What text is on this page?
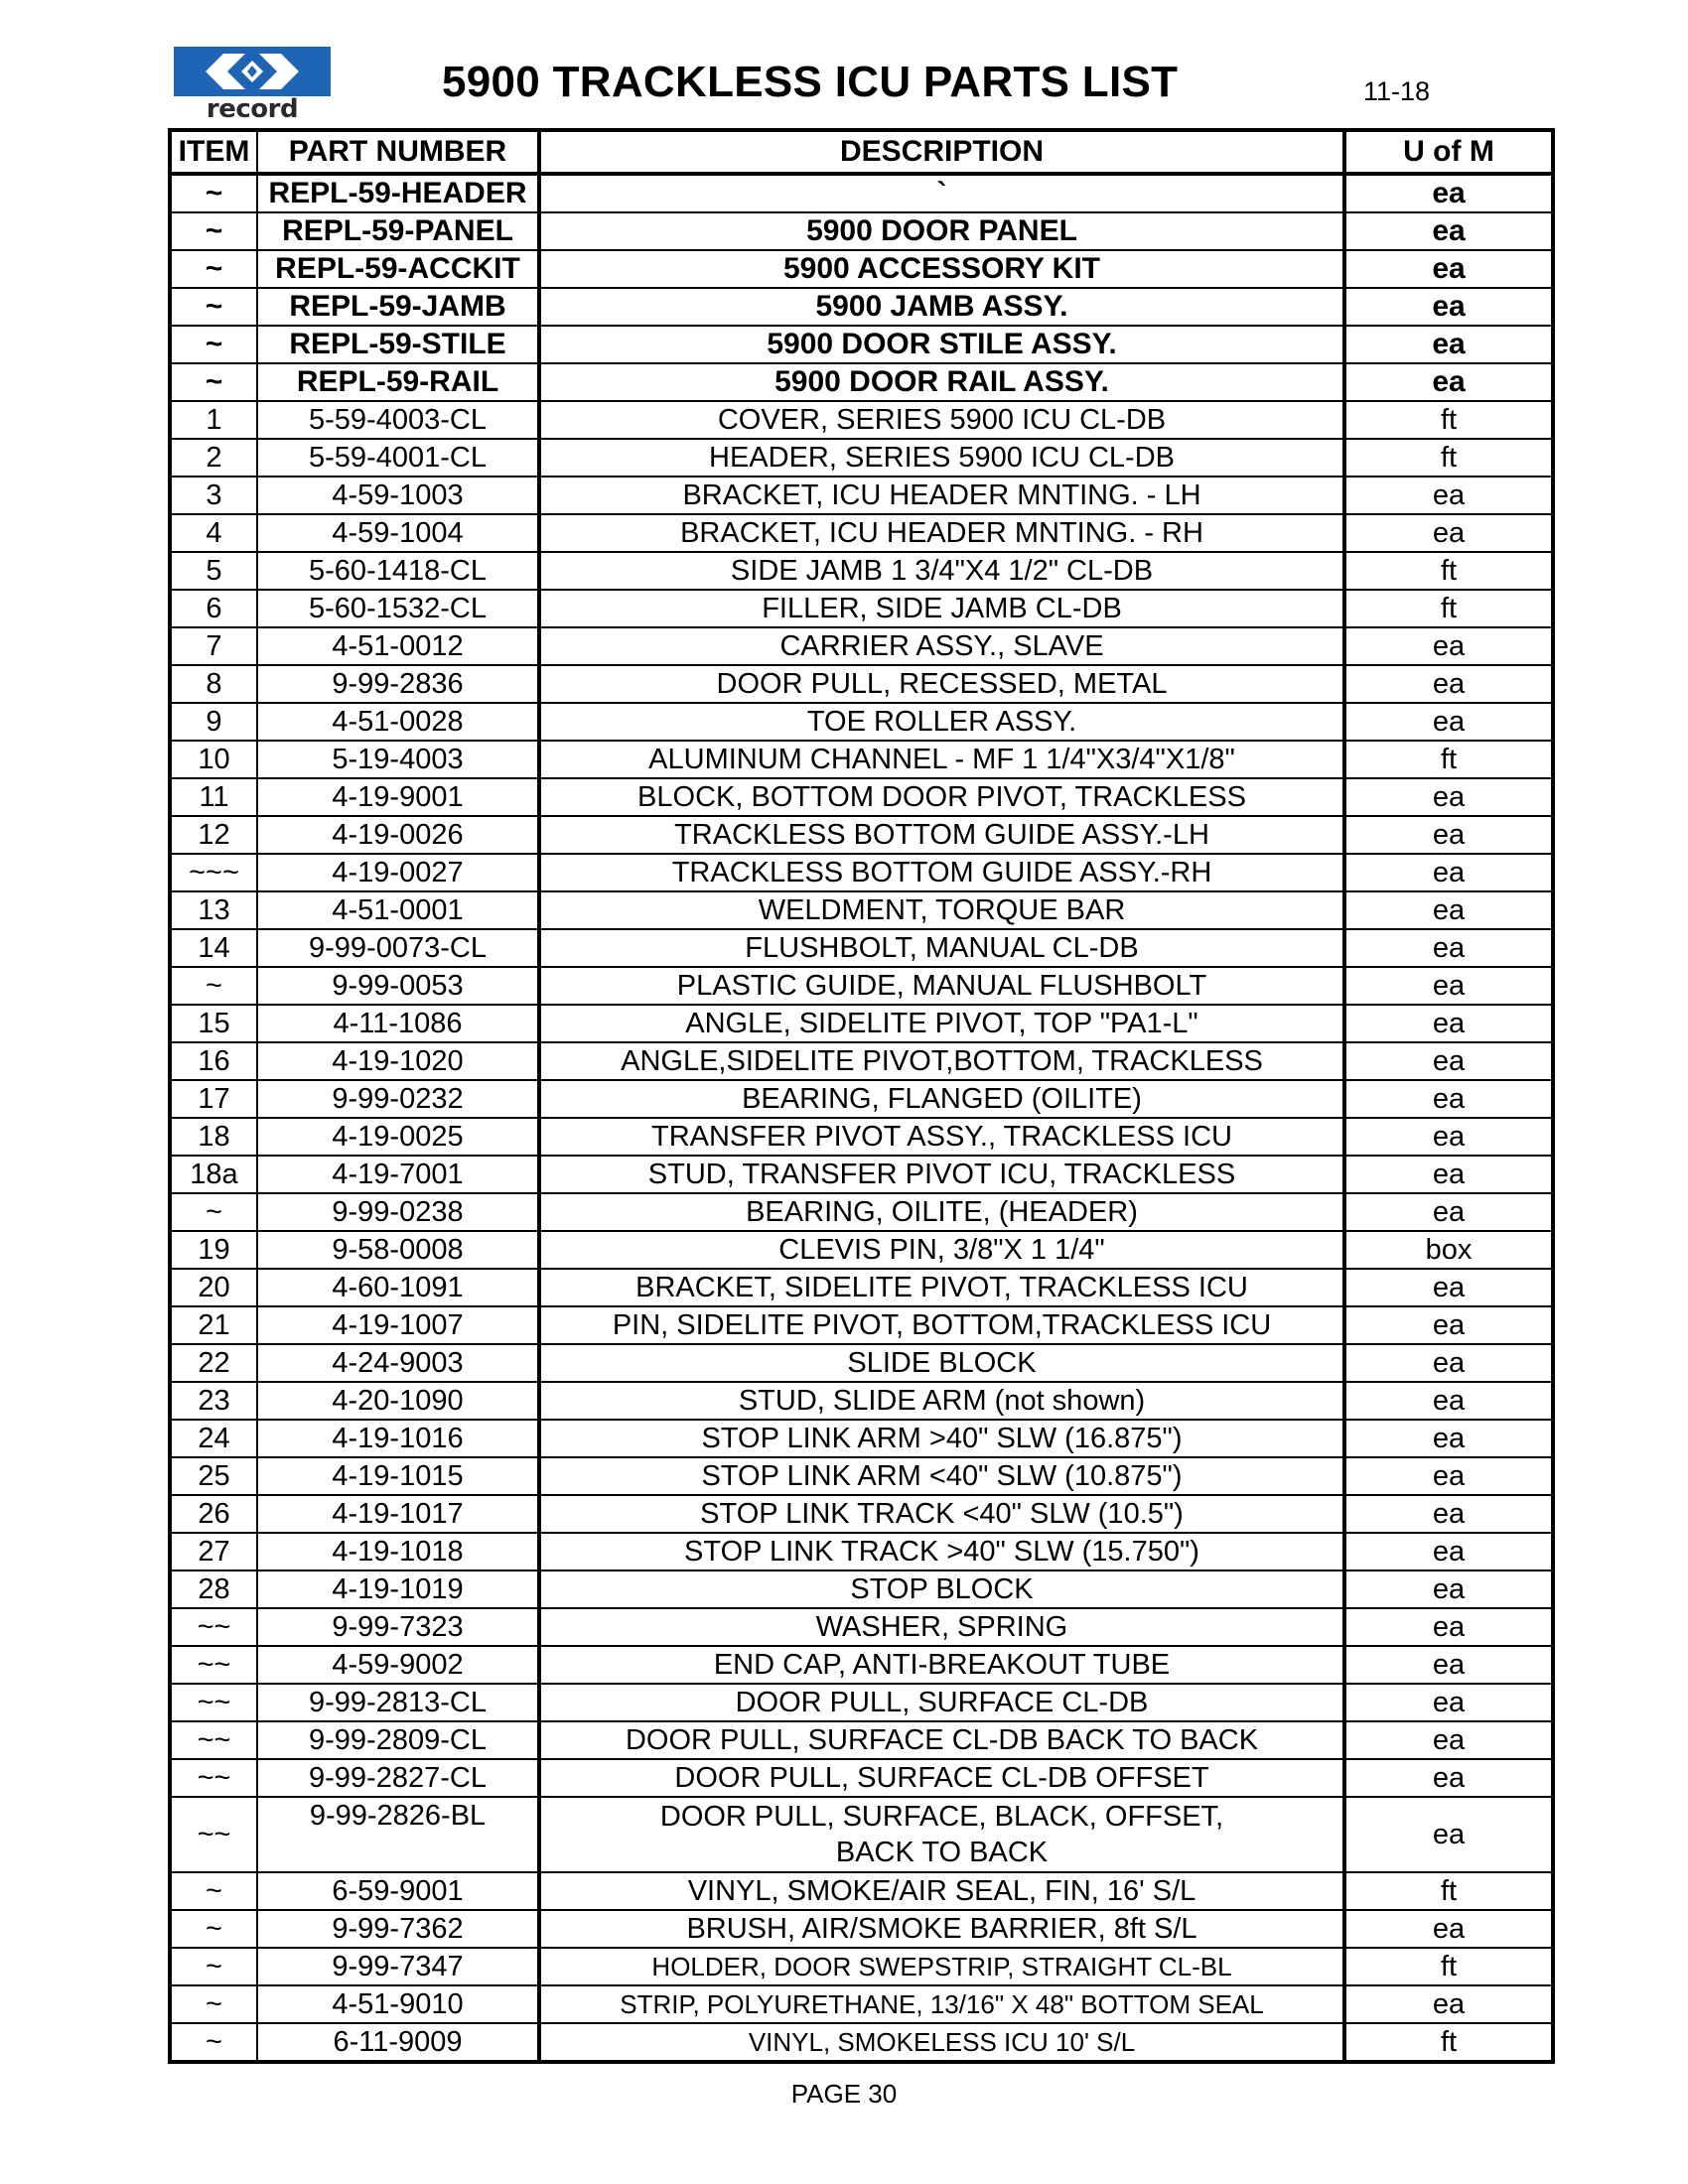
record
5900 TRACKLESS ICU PARTS LIST	11-18
ITEM	PART NUMBER	DESCRIPTION	U of M
~	REPL-59-HEADER	`	ea
~	REPL-59-PANEL	5900 DOOR PANEL	ea
~	REPL-59-ACCKIT	5900 ACCESSORY KIT	ea
~	REPL-59-JAMB	5900 JAMB ASSY.	ea
~	REPL-59-STILE	5900 DOOR STILE ASSY.	ea
~	REPL-59-RAIL	5900 DOOR RAIL ASSY.	ea
1	5-59-4003-CL	COVER, SERIES 5900 ICU CL-DB	ft
2	5-59-4001-CL	HEADER, SERIES 5900 ICU CL-DB	ft
3	4-59-1003	BRACKET, ICU HEADER MNTING. - LH	ea
4	4-59-1004	BRACKET, ICU HEADER MNTING. - RH	ea
5	5-60-1418-CL	SIDE JAMB 1 3/4"X4 1/2" CL-DB	ft
6	5-60-1532-CL	FILLER, SIDE JAMB CL-DB	ft
7	4-51-0012	CARRIER ASSY., SLAVE	ea
8	9-99-2836	DOOR PULL, RECESSED, METAL	ea
9	4-51-0028	TOE ROLLER ASSY.	ea
10	5-19-4003	ALUMINUM CHANNEL - MF 1 1/4"X3/4"X1/8"	ft
11	4-19-9001	BLOCK, BOTTOM DOOR PIVOT, TRACKLESS	ea
12	4-19-0026	TRACKLESS BOTTOM GUIDE ASSY.-LH	ea
~~~	4-19-0027	TRACKLESS BOTTOM GUIDE ASSY.-RH	ea
13	4-51-0001	WELDMENT, TORQUE BAR	ea
14	9-99-0073-CL	FLUSHBOLT, MANUAL CL-DB	ea
~	9-99-0053	PLASTIC GUIDE, MANUAL FLUSHBOLT	ea
15	4-11-1086	ANGLE, SIDELITE PIVOT, TOP "PA1-L"	ea
16	4-19-1020	ANGLE,SIDELITE PIVOT,BOTTOM, TRACKLESS	ea
17	9-99-0232	BEARING, FLANGED (OILITE)	ea
18	4-19-0025	TRANSFER PIVOT ASSY., TRACKLESS ICU	ea
18a	4-19-7001	STUD, TRANSFER PIVOT ICU, TRACKLESS	ea
~	9-99-0238	BEARING, OILITE, (HEADER)	ea
19	9-58-0008	CLEVIS PIN, 3/8"X 1 1/4"	box
20	4-60-1091	BRACKET, SIDELITE PIVOT, TRACKLESS ICU	ea
21	4-19-1007	PIN, SIDELITE PIVOT, BOTTOM,TRACKLESS ICU	ea
22	4-24-9003	SLIDE BLOCK	ea
23	4-20-1090	STUD, SLIDE ARM (not shown)	ea
24	4-19-1016	STOP LINK ARM >40" SLW (16.875")	ea
25	4-19-1015	STOP LINK ARM <40" SLW (10.875")	ea
26	4-19-1017	STOP LINK TRACK <40" SLW (10.5")	ea
27	4-19-1018	STOP LINK TRACK >40" SLW (15.750")	ea
28	4-19-1019	STOP BLOCK	ea
~~	9-99-7323	WASHER, SPRING	ea
~~	4-59-9002	END CAP, ANTI-BREAKOUT TUBE	ea
~~	9-99-2813-CL	DOOR PULL, SURFACE CL-DB	ea
~~	9-99-2809-CL	DOOR PULL, SURFACE CL-DB BACK TO BACK	ea
~~	9-99-2827-CL	DOOR PULL, SURFACE CL-DB OFFSET	ea
~~	9-99-2826-BL	DOOR PULL, SURFACE, BLACK, OFFSET,
BACK TO BACK	ea
~	6-59-9001	VINYL, SMOKE/AIR SEAL, FIN, 16' S/L	ft
~	9-99-7362	BRUSH, AIR/SMOKE BARRIER, 8ft S/L	ea
~	9-99-7347	HOLDER, DOOR SWEPSTRIP, STRAIGHT CL-BL	ft
~	4-51-9010	STRIP, POLYURETHANE, 13/16" X 48" BOTTOM SEAL	ea
~	6-11-9009	VINYL, SMOKELESS ICU 10' S/L	ft
PAGE 30
